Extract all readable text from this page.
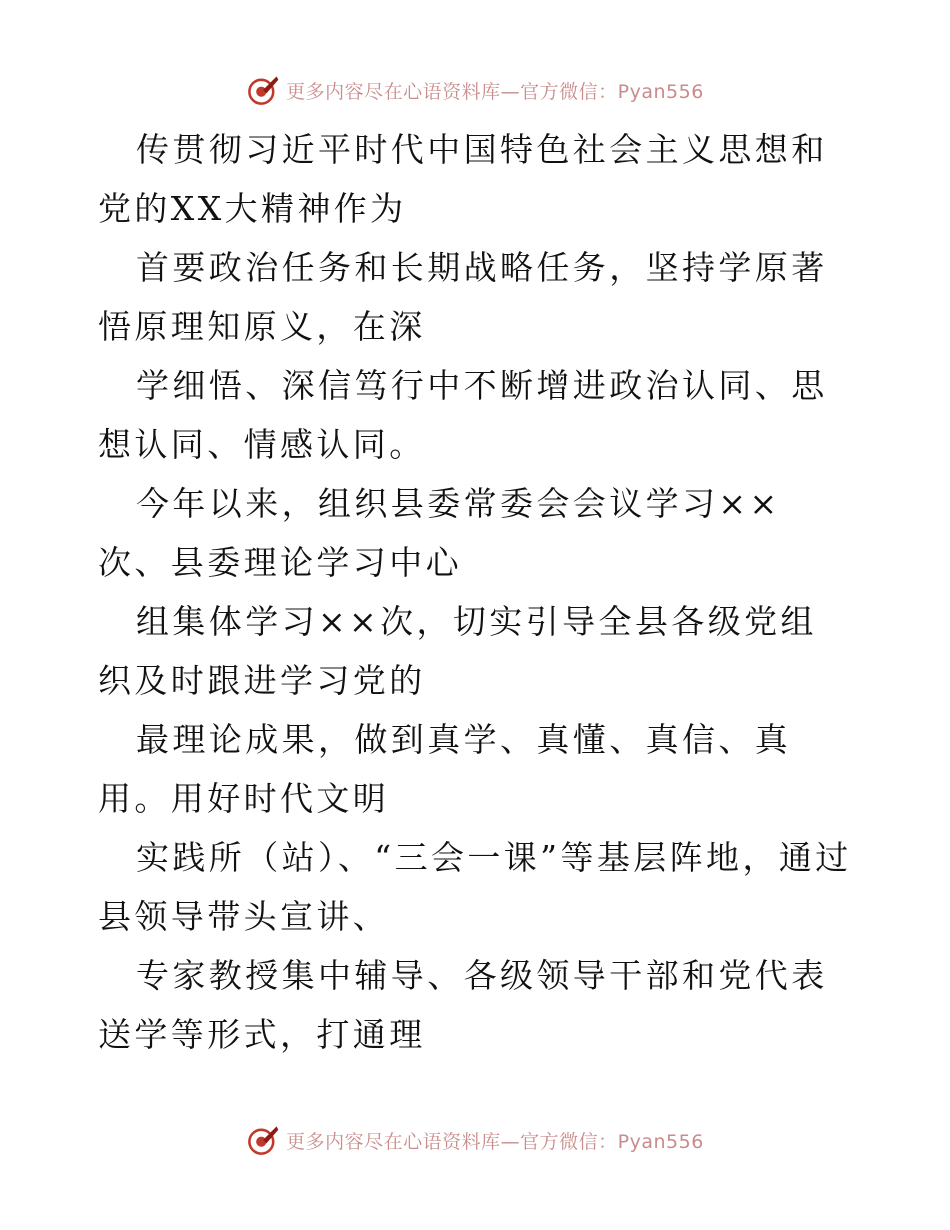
更多内容尽在心语资料库—官方微信：Pyan556

传贯彻习近平时代中国特色社会主义思想和党的XX大精神作为

首要政治任务和长期战略任务，坚持学原著悟原理知原义，在深

学细悟、深信笃行中不断增进政治认同、思想认同、情感认同。

今年以来，组织县委常委会会议学习××次、县委理论学习中心

组集体学习××次，切实引导全县各级党组织及时跟进学习党的

最理论成果，做到真学、真懂、真信、真用。用好时代文明

实践所（站）、“三会一课”等基层阵地，通过县领导带头宣讲、

专家教授集中辅导、各级领导干部和党代表送学等形式，打通理

更多内容尽在心语资料库—官方微信：Pyan556
